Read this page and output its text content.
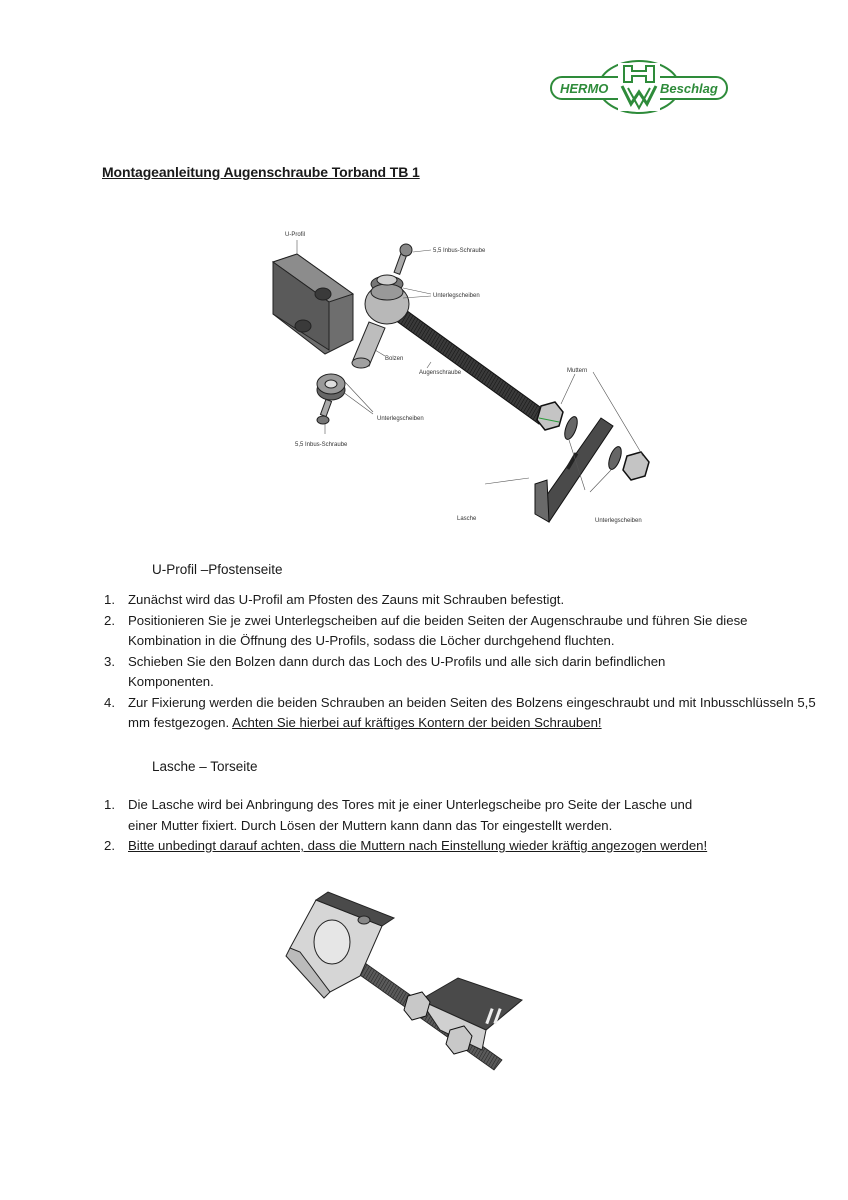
HERMO	Beschlag
Montageanleitung Augenschraube Torband TB 1
U-Profil
5,5 Inbus-Schraube
Unterlegscheiben
Bolzen
Augenschraube	Muttern
Unterlegscheiben
5,5 Inbus-Schraube
Lasche	Unterlegscheiben
U-Profil –Pfostenseite
1. Zunächst wird das U-Profil am Pfosten des Zauns mit Schrauben befestigt.
2. Positionieren Sie je zwei Unterlegscheiben auf die beiden Seiten der Augenschraube und führen Sie diese Kombination in die Öffnung des U-Profils, sodass die Löcher durchgehend fluchten.
3. Schieben Sie den Bolzen dann durch das Loch des U-Profils und alle sich darin befindlichen Komponenten.
4. Zur Fixierung werden die beiden Schrauben an beiden Seiten des Bolzens eingeschraubt und mit Inbusschlüsseln 5,5 mm festgezogen. Achten Sie hierbei auf kräftiges Kontern der beiden Schrauben!
Lasche – Torseite
1. Die Lasche wird bei Anbringung des Tores mit je einer Unterlegscheibe pro Seite der Lasche und einer Mutter fixiert. Durch Lösen der Muttern kann dann das Tor eingestellt werden.
2. Bitte unbedingt darauf achten, dass die Muttern nach Einstellung wieder kräftig angezogen werden!
